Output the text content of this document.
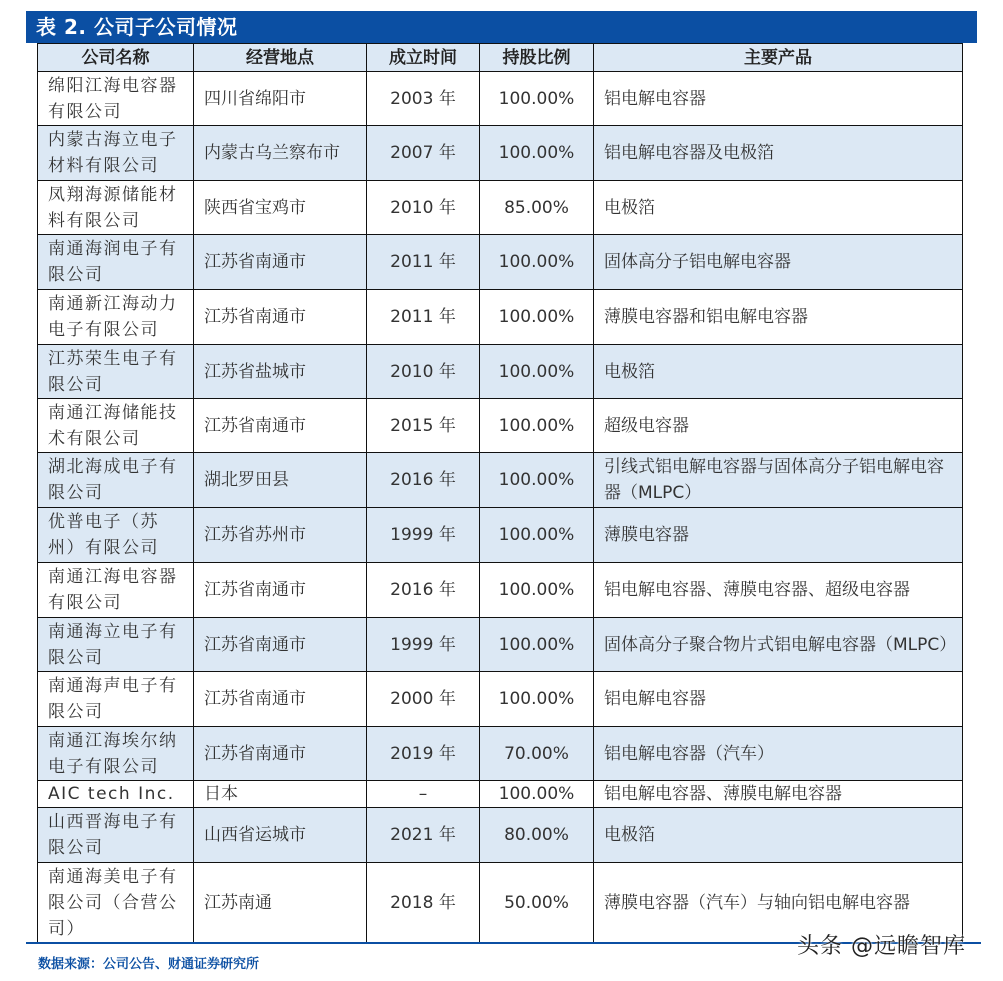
表 2. 公司子公司情况
公司名称	经营地点	成立时间	持股比例	主要产品
绵阳江海电容器有限公司	四川省绵阳市	2003 年	100.00%	铝电解电容器
内蒙古海立电子材料有限公司	内蒙古乌兰察布市	2007 年	100.00%	铝电解电容器及电极箔
凤翔海源储能材料有限公司	陕西省宝鸡市	2010 年	85.00%	电极箔
南通海润电子有限公司	江苏省南通市	2011 年	100.00%	固体高分子铝电解电容器
南通新江海动力电子有限公司	江苏省南通市	2011 年	100.00%	薄膜电容器和铝电解电容器
江苏荣生电子有限公司	江苏省盐城市	2010 年	100.00%	电极箔
南通江海储能技术有限公司	江苏省南通市	2015 年	100.00%	超级电容器
湖北海成电子有限公司	湖北罗田县	2016 年	100.00%	引线式铝电解电容器与固体高分子铝电解电容器（MLPC）
优普电子（苏州）有限公司	江苏省苏州市	1999 年	100.00%	薄膜电容器
南通江海电容器有限公司	江苏省南通市	2016 年	100.00%	铝电解电容器、薄膜电容器、超级电容器
南通海立电子有限公司	江苏省南通市	1999 年	100.00%	固体高分子聚合物片式铝电解电容器（MLPC）
南通海声电子有限公司	江苏省南通市	2000 年	100.00%	铝电解电容器
南通江海埃尔纳电子有限公司	江苏省南通市	2019 年	70.00%	铝电解电容器（汽车）
AIC tech Inc.	日本	–	100.00%	铝电解电容器、薄膜电解电容器
山西晋海电子有限公司	山西省运城市	2021 年	80.00%	电极箔
南通海美电子有限公司（合营公司）	江苏南通	2018 年	50.00%	薄膜电容器（汽车）与轴向铝电解电容器
数据来源：公司公告、财通证券研究所
头条 @远瞻智库
